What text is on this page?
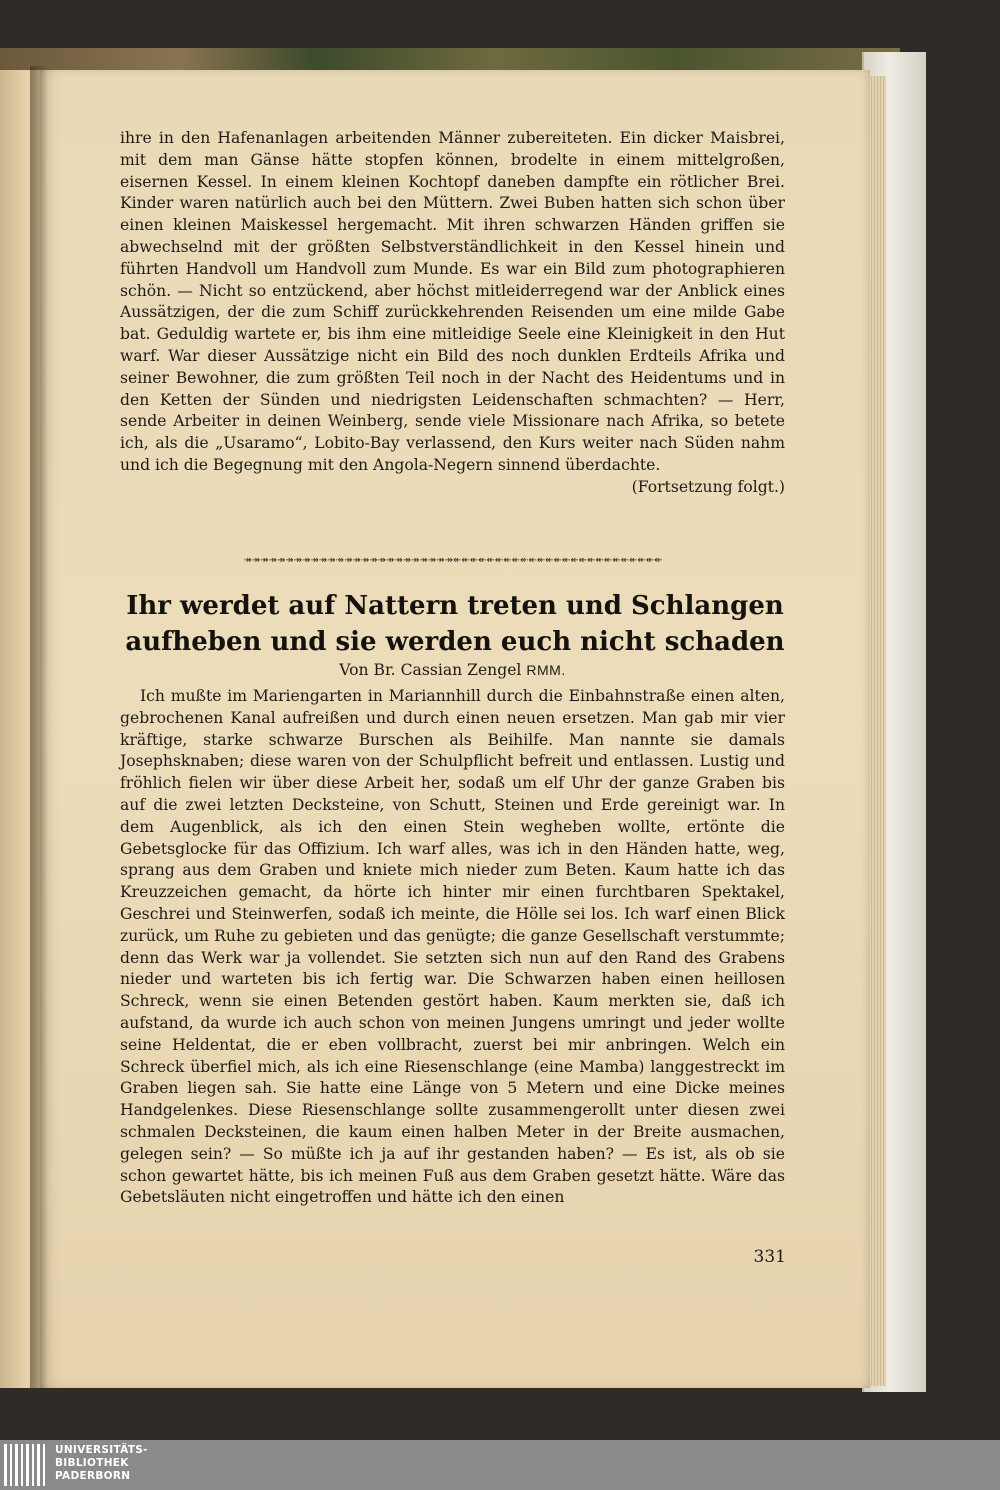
ihre in den Hafenanlagen arbeitenden Männer zubereiteten. Ein dicker Maisbrei, mit dem man Gänse hätte stopfen können, brodelte in einem mittelgroßen, eisernen Kessel. In einem kleinen Kochtopf daneben dampfte ein rötlicher Brei. Kinder waren natürlich auch bei den Müttern. Zwei Buben hatten sich schon über einen kleinen Maiskessel hergemacht. Mit ihren schwarzen Händen griffen sie abwechselnd mit der größten Selbstverständlichkeit in den Kessel hinein und führten Handvoll um Handvoll zum Munde. Es war ein Bild zum photographieren schön. — Nicht so entzückend, aber höchst mitleiderregend war der Anblick eines Aussätzigen, der die zum Schiff zurückkehrenden Reisenden um eine milde Gabe bat. Geduldig wartete er, bis ihm eine mitleidige Seele eine Kleinigkeit in den Hut warf. War dieser Aussätzige nicht ein Bild des noch dunklen Erdteils Afrika und seiner Bewohner, die zum größten Teil noch in der Nacht des Heidentums und in den Ketten der Sünden und niedrigsten Leidenschaften schmachten? — Herr, sende Arbeiter in deinen Weinberg, sende viele Missionare nach Afrika, so betete ich, als die „Usaramo“, Lobito-Bay verlassend, den Kurs weiter nach Süden nahm und ich die Begegnung mit den Angola-Negern sinnend überdachte.

(Fortsetzung folgt.)

↠↠↠↠↠↠↠↠↠↠↠↠↠↠↠↠↠↠↠↠↠↠↠↠↠↞↞↞↞↞↞↞↞↞↞↞↞↞↞↞↞↞↞↞↞↞↞↞↞↞
Ihr werdet auf Nattern treten und Schlangen
aufheben und sie werden euch nicht schaden
Von Br. Cassian Zengel RMM.

Ich mußte im Mariengarten in Mariannhill durch die Einbahnstraße einen alten, gebrochenen Kanal aufreißen und durch einen neuen ersetzen. Man gab mir vier kräftige, starke schwarze Burschen als Beihilfe. Man nannte sie damals Josephsknaben; diese waren von der Schulpflicht befreit und entlassen. Lustig und fröhlich fielen wir über diese Arbeit her, sodaß um elf Uhr der ganze Graben bis auf die zwei letzten Decksteine, von Schutt, Steinen und Erde gereinigt war. In dem Augenblick, als ich den einen Stein wegheben wollte, ertönte die Gebetsglocke für das Offizium. Ich warf alles, was ich in den Händen hatte, weg, sprang aus dem Graben und kniete mich nieder zum Beten. Kaum hatte ich das Kreuzzeichen gemacht, da hörte ich hinter mir einen furchtbaren Spektakel, Geschrei und Steinwerfen, sodaß ich meinte, die Hölle sei los. Ich warf einen Blick zurück, um Ruhe zu gebieten und das genügte; die ganze Gesellschaft verstummte; denn das Werk war ja vollendet. Sie setzten sich nun auf den Rand des Grabens nieder und warteten bis ich fertig war. Die Schwarzen haben einen heillosen Schreck, wenn sie einen Betenden gestört haben. Kaum merkten sie, daß ich aufstand, da wurde ich auch schon von meinen Jungens umringt und jeder wollte seine Heldentat, die er eben vollbracht, zuerst bei mir anbringen. Welch ein Schreck überfiel mich, als ich eine Riesenschlange (eine Mamba) langgestreckt im Graben liegen sah. Sie hatte eine Länge von 5 Metern und eine Dicke meines Handgelenkes. Diese Riesenschlange sollte zusammengerollt unter diesen zwei schmalen Decksteinen, die kaum einen halben Meter in der Breite ausmachen, gelegen sein? — So müßte ich ja auf ihr gestanden haben? — Es ist, als ob sie schon gewartet hätte, bis ich meinen Fuß aus dem Graben gesetzt hätte. Wäre das Gebetsläuten nicht eingetroffen und hätte ich den einen

331
UNIVERSITÄTS-
BIBLIOTHEK
PADERBORN
